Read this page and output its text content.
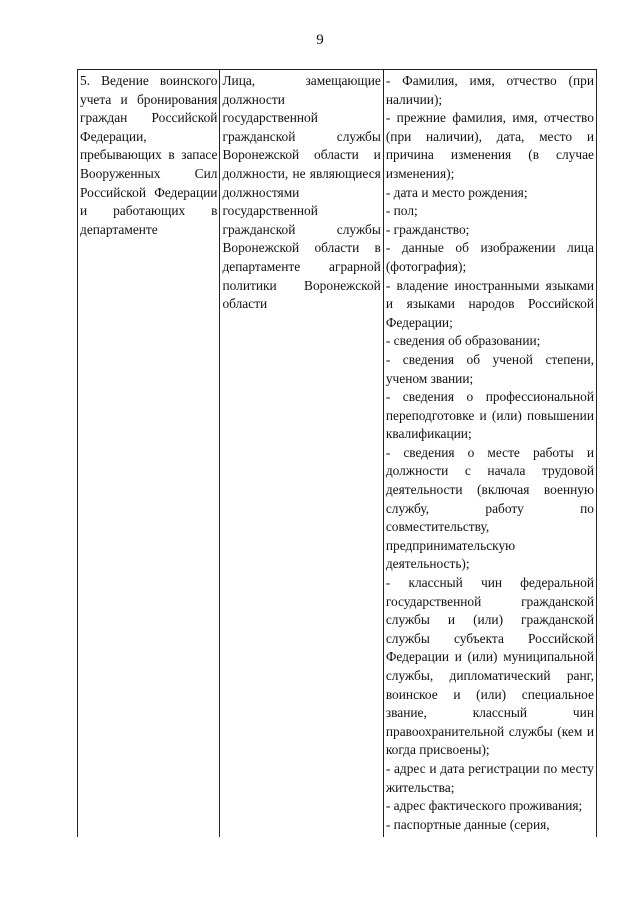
9

5. Ведение воинского учета и бронирования граждан Российской Федерации, пребывающих в запасе Вооруженных Сил Российской Федерации и работающих в департаменте

Лица, замещающие должности государственной гражданской службы Воронежской области и должности, не являющиеся должностями государственной гражданской службы Воронежской области в департаменте аграрной политики Воронежской области

- Фамилия, имя, отчество (при наличии);

- прежние фамилия, имя, отчество (при наличии), дата, место и причина изменения (в случае изменения);

- дата и место рождения;

- пол;

- гражданство;

- данные об изображении лица (фотография);

- владение иностранными языками и языками народов Российской Федерации;

- сведения об образовании;

- сведения об ученой степени, ученом звании;

- сведения о профессиональной переподготовке и (или) повышении квалификации;

- сведения о месте работы и должности с начала трудовой деятельности (включая военную службу, работу по совместительству, предпринимательскую деятельность);

- классный чин федеральной государственной гражданской службы и (или) гражданской службы субъекта Российской Федерации и (или) муниципальной службы, дипломатический ранг, воинское и (или) специальное звание, классный чин правоохранительной службы (кем и когда присвоены);

- адрес и дата регистрации по месту жительства;

- адрес фактического проживания;

- паспортные данные (серия,
